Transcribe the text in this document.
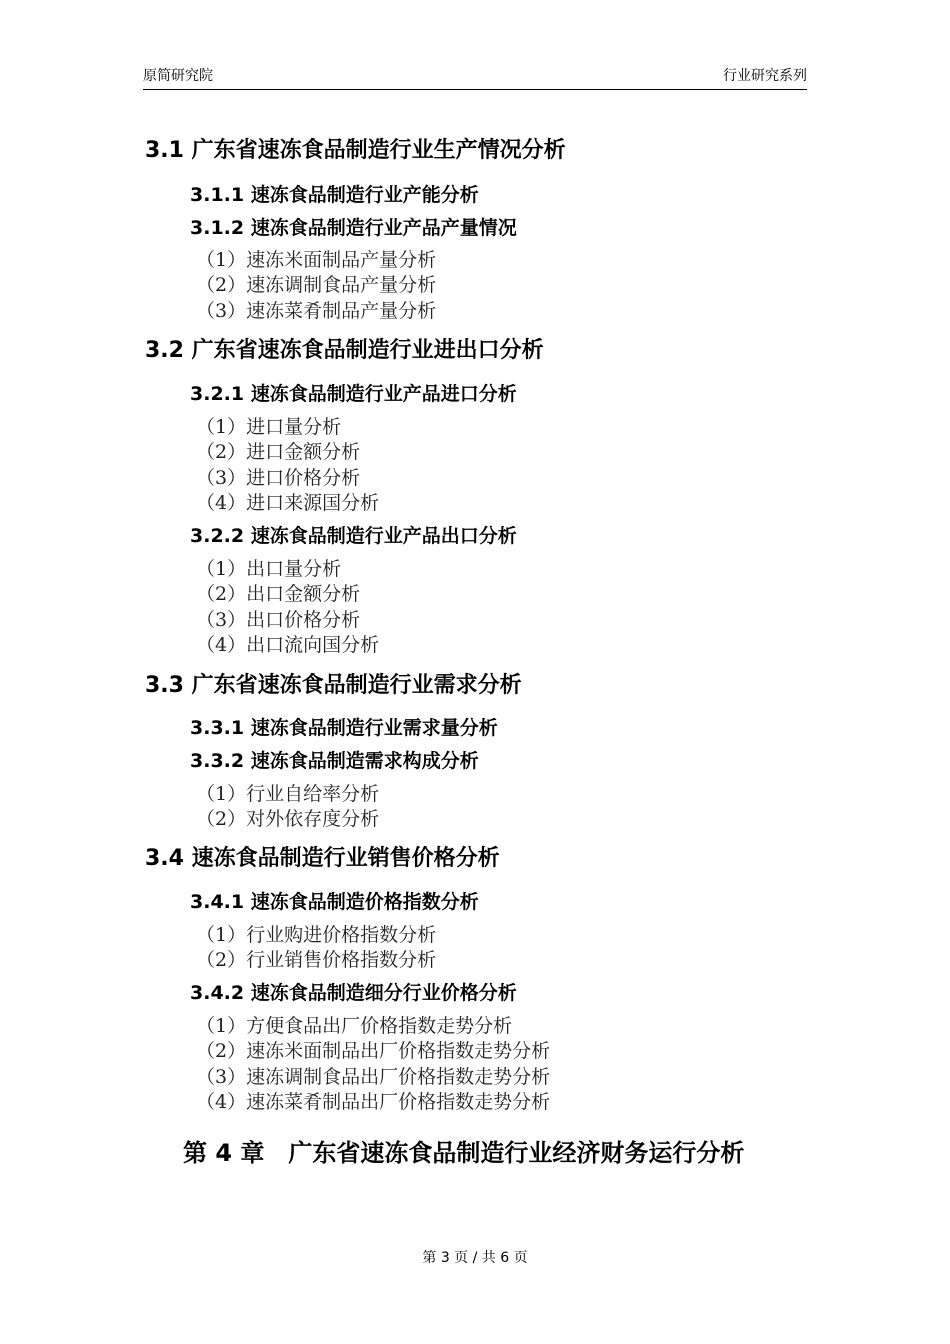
原简研究院	行业研究系列
3.1 广东省速冻食品制造行业生产情况分析
3.1.1 速冻食品制造行业产能分析
3.1.2 速冻食品制造行业产品产量情况
（1）速冻米面制品产量分析
（2）速冻调制食品产量分析
（3）速冻菜肴制品产量分析
3.2 广东省速冻食品制造行业进出口分析
3.2.1 速冻食品制造行业产品进口分析
（1）进口量分析
（2）进口金额分析
（3）进口价格分析
（4）进口来源国分析
3.2.2 速冻食品制造行业产品出口分析
（1）出口量分析
（2）出口金额分析
（3）出口价格分析
（4）出口流向国分析
3.3 广东省速冻食品制造行业需求分析
3.3.1 速冻食品制造行业需求量分析
3.3.2 速冻食品制造需求构成分析
（1）行业自给率分析
（2）对外依存度分析
3.4 速冻食品制造行业销售价格分析
3.4.1 速冻食品制造价格指数分析
（1）行业购进价格指数分析
（2）行业销售价格指数分析
3.4.2 速冻食品制造细分行业价格分析
（1）方便食品出厂价格指数走势分析
（2）速冻米面制品出厂价格指数走势分析
（3）速冻调制食品出厂价格指数走势分析
（4）速冻菜肴制品出厂价格指数走势分析
第 4 章　广东省速冻食品制造行业经济财务运行分析
第 3 页 / 共 6 页
